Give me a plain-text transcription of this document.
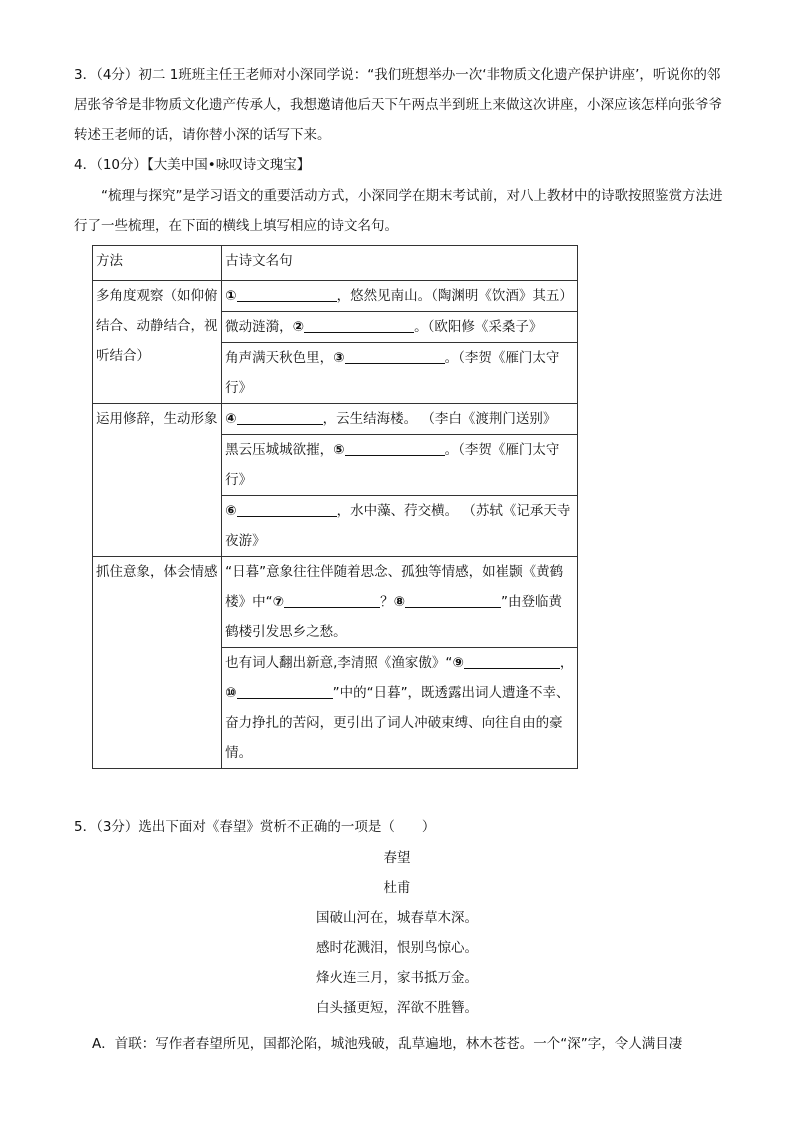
3．（4分）初二 1班班主任王老师对小深同学说：“我们班想举办一次‘非物质文化遗产保护讲座’，听说你的邻居张爷爷是非物质文化遗产传承人，我想邀请他后天下午两点半到班上来做这次讲座，小深应该怎样向张爷爷转述王老师的话，请你替小深的话写下来。
4．（10分）【大美中国•咏叹诗文瑰宝】
“梳理与探究”是学习语文的重要活动方式，小深同学在期末考试前，对八上教材中的诗歌按照鉴赏方法进行了一些梳理，在下面的横线上填写相应的诗文名句。
方法	古诗文名句
多角度观察（如仰俯结合、动静结合，视听结合）	① ，悠然见南山。（陶渊明《饮酒》其五）
	微动涟漪，② 。（欧阳修《采桑子》
	角声满天秋色里，③ 。（李贺《雁门太守行》
运用修辞，生动形象	④ ，云生结海楼。 （李白《渡荆门送别》
	黑云压城城欲摧，⑤ 。（李贺《雁门太守行》
	⑥ ，水中藻、荇交横。 （苏轼《记承天寺夜游》
抓住意象，体会情感	“日暮”意象往往伴随着思念、孤独等情感，如崔颢《黄鹤楼》中“⑦ ？⑧ ”由登临黄鹤楼引发思乡之愁。
	也有词人翻出新意,李清照《渔家傲》“⑨ ，⑩ ”中的“日暮”，既透露出词人遭逢不幸、奋力挣扎的苦闷，更引出了词人冲破束缚、向往自由的豪情。
5．（3分）选出下面对《春望》赏析不正确的一项是（　　）
春望
杜甫
国破山河在，城春草木深。
感时花溅泪，恨别鸟惊心。
烽火连三月，家书抵万金。
白头搔更短，浑欲不胜簪。
A．首联：写作者春望所见，国都沦陷，城池残破，乱草遍地，林木苍苍。一个“深”字，令人满目凄
